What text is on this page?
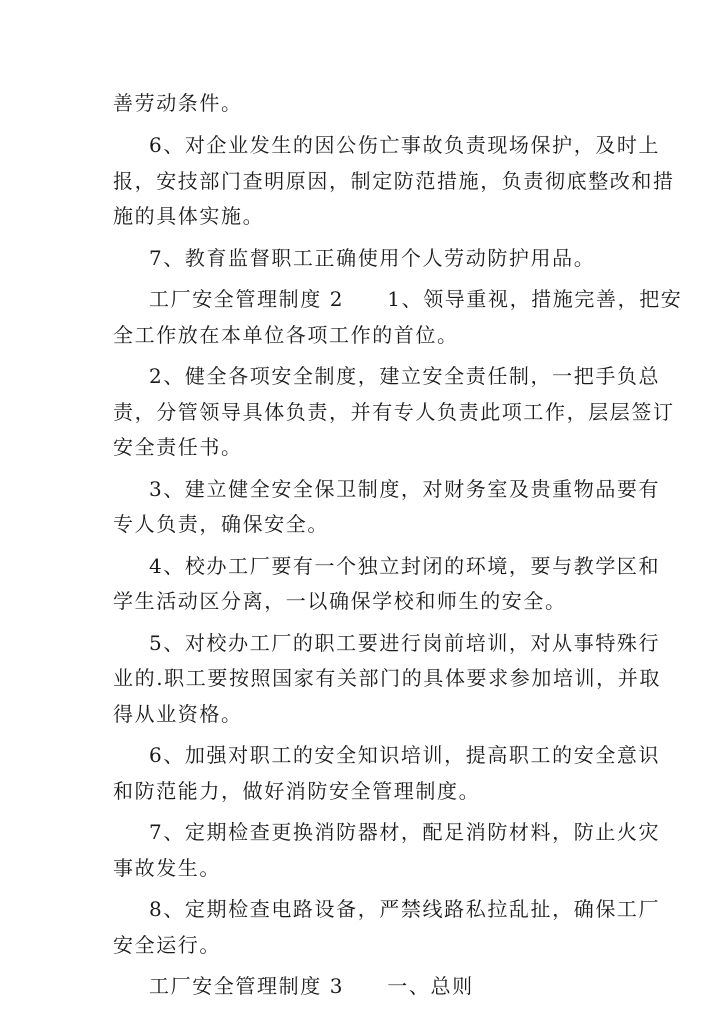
善劳动条件。
6、对企业发生的因公伤亡事故负责现场保护，及时上
报，安技部门查明原因，制定防范措施，负责彻底整改和措
施的具体实施。
7、教育监督职工正确使用个人劳动防护用品。
工厂安全管理制度 2　　1、领导重视，措施完善，把安
全工作放在本单位各项工作的首位。
2、健全各项安全制度，建立安全责任制，一把手负总
责，分管领导具体负责，并有专人负责此项工作，层层签订
安全责任书。
3、建立健全安全保卫制度，对财务室及贵重物品要有
专人负责，确保安全。
4、校办工厂要有一个独立封闭的环境，要与教学区和
学生活动区分离，一以确保学校和师生的安全。
5、对校办工厂的职工要进行岗前培训，对从事特殊行
业的.职工要按照国家有关部门的具体要求参加培训，并取
得从业资格。
6、加强对职工的安全知识培训，提高职工的安全意识
和防范能力，做好消防安全管理制度。
7、定期检查更换消防器材，配足消防材料，防止火灾
事故发生。
8、定期检查电路设备，严禁线路私拉乱扯，确保工厂
安全运行。
工厂安全管理制度 3　　一、总则
